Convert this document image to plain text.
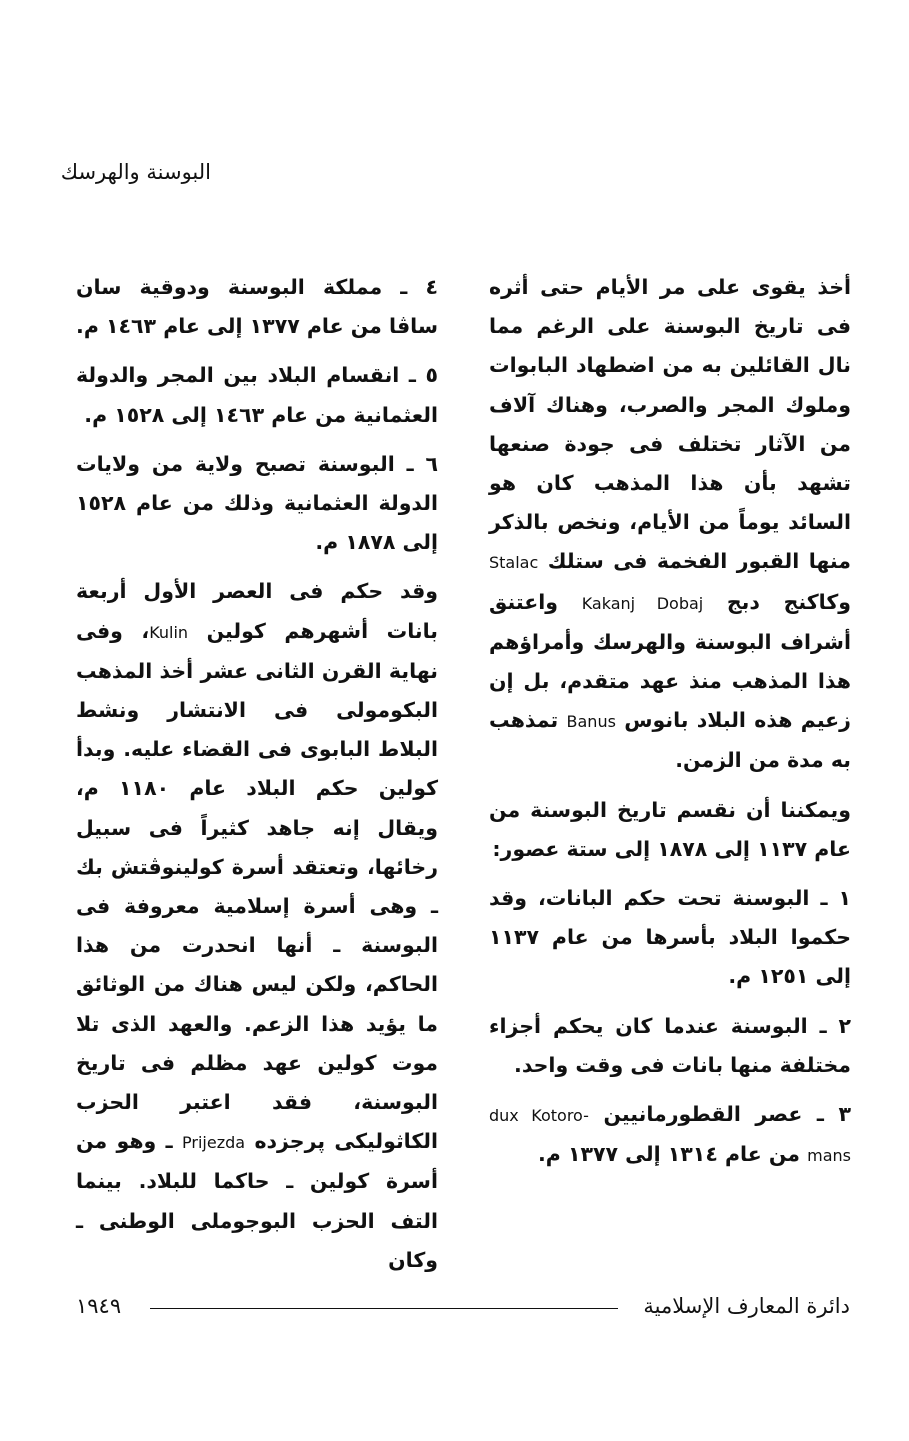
البوسنة والهرسك

أخذ يقوى على مر الأيام حتى أثره فى تاريخ البوسنة على الرغم مما نال القائلين به من اضطهاد البابوات وملوك المجر والصرب، وهناك آلاف من الآثار تختلف فى جودة صنعها تشهد بأن هذا المذهب كان هو السائد يوماً من الأيام، ونخص بالذكر منها القبور الفخمة فى ستلك Stalac وكاكنج دبج Kakanj Dobaj واعتنق أشراف البوسنة والهرسك وأمراؤهم هذا المذهب منذ عهد متقدم، بل إن زعيم هذه البلاد بانوس Banus تمذهب به مدة من الزمن.

ويمكننا أن نقسم تاريخ البوسنة من عام ١١٣٧ إلى ١٨٧٨ إلى ستة عصور:

١ ـ البوسنة تحت حكم البانات، وقد حكموا البلاد بأسرها من عام ١١٣٧ إلى ١٢٥١ م.

٢ ـ البوسنة عندما كان يحكم أجزاء مختلفة منها بانات فى وقت واحد.

٣ ـ عصر القطورمانيين dux Kotoro-mans من عام ١٣١٤ إلى ١٣٧٧ م.

٤ ـ مملكة البوسنة ودوقية سان ساڤا من عام ١٣٧٧ إلى عام ١٤٦٣ م.

٥ ـ انقسام البلاد بين المجر والدولة العثمانية من عام ١٤٦٣ إلى ١٥٢٨ م.

٦ ـ البوسنة تصبح ولاية من ولايات الدولة العثمانية وذلك من عام ١٥٢٨ إلى ١٨٧٨ م.

وقد حكم فى العصر الأول أربعة بانات أشهرهم كولين Kulin، وفى نهاية القرن الثانى عشر أخذ المذهب البكومولى فى الانتشار ونشط البلاط البابوى فى القضاء عليه. وبدأ كولين حكم البلاد عام ١١٨٠ م، ويقال إنه جاهد كثيراً فى سبيل رخائها، وتعتقد أسرة كولينوڤتش بك ـ وهى أسرة إسلامية معروفة فى البوسنة ـ أنها انحدرت من هذا الحاكم، ولكن ليس هناك من الوثائق ما يؤيد هذا الزعم. والعهد الذى تلا موت كولين عهد مظلم فى تاريخ البوسنة، فقد اعتبر الحزب الكاثوليكى پرجزده Prijezda ـ وهو من أسرة كولين ـ حاكما للبلاد. بينما التف الحزب البوجوملى الوطنى ـ وكان

دائرة المعارف الإسلامية
١٩٤٩
